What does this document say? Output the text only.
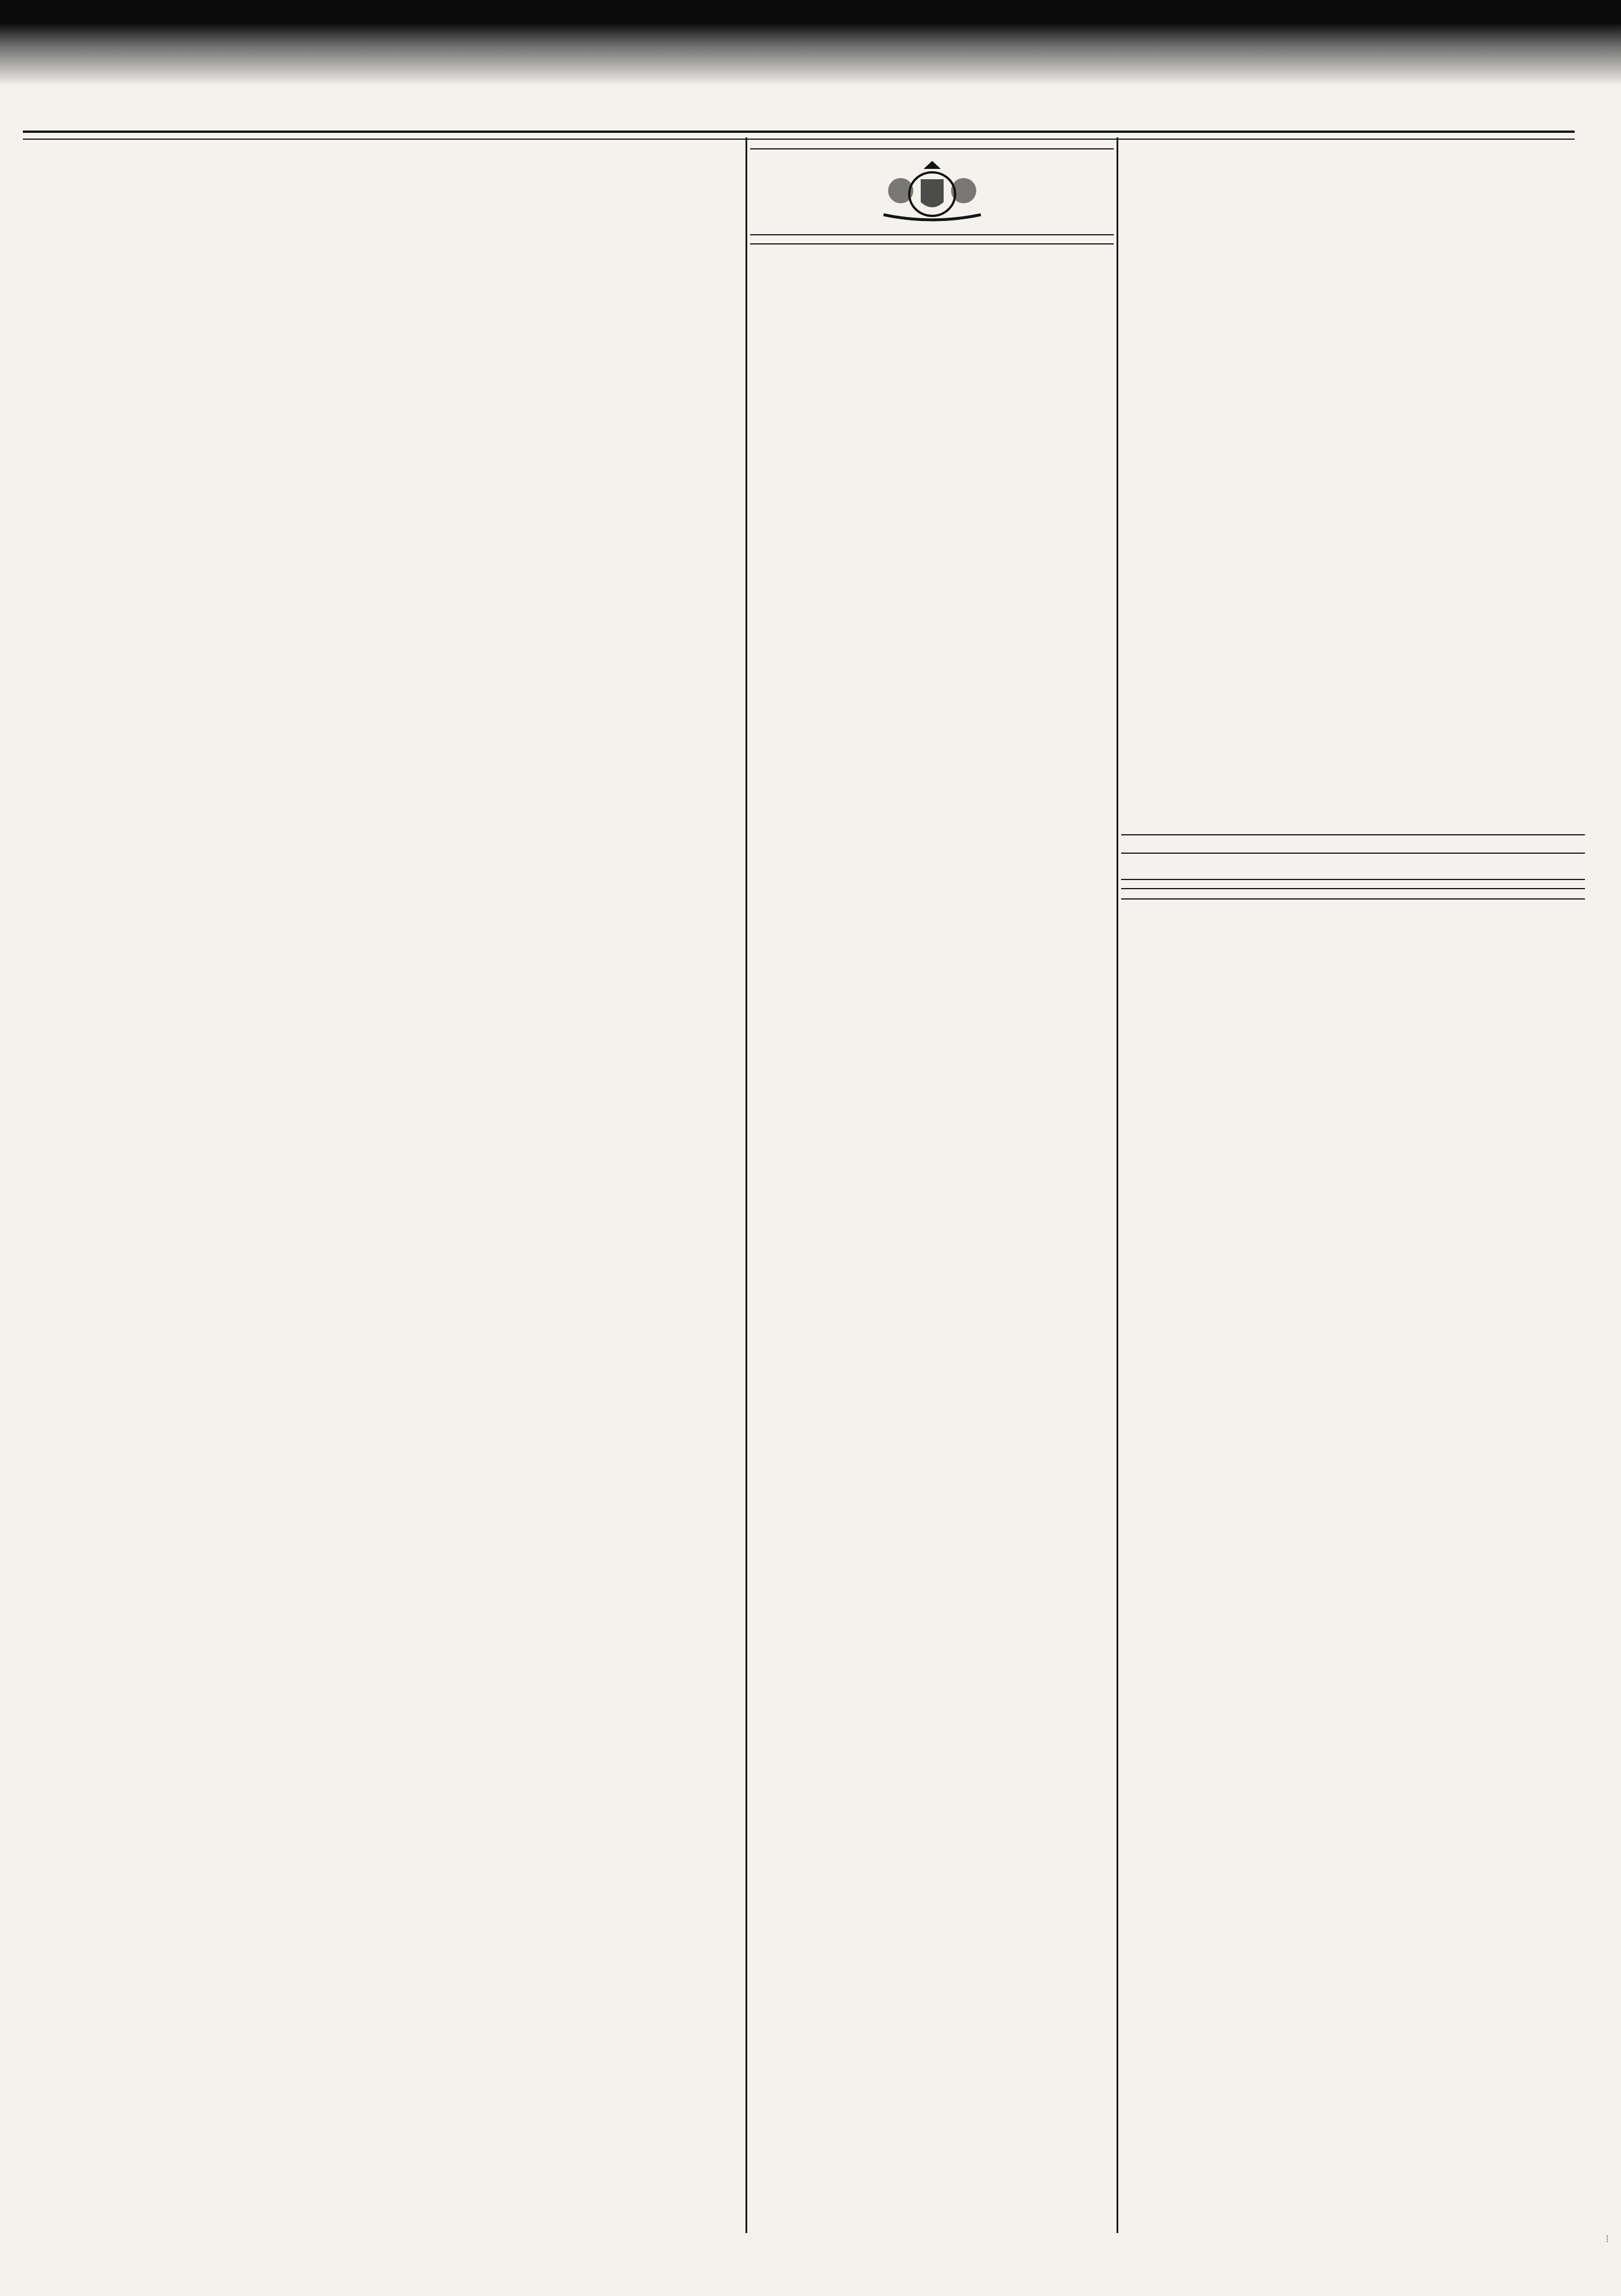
⁞
